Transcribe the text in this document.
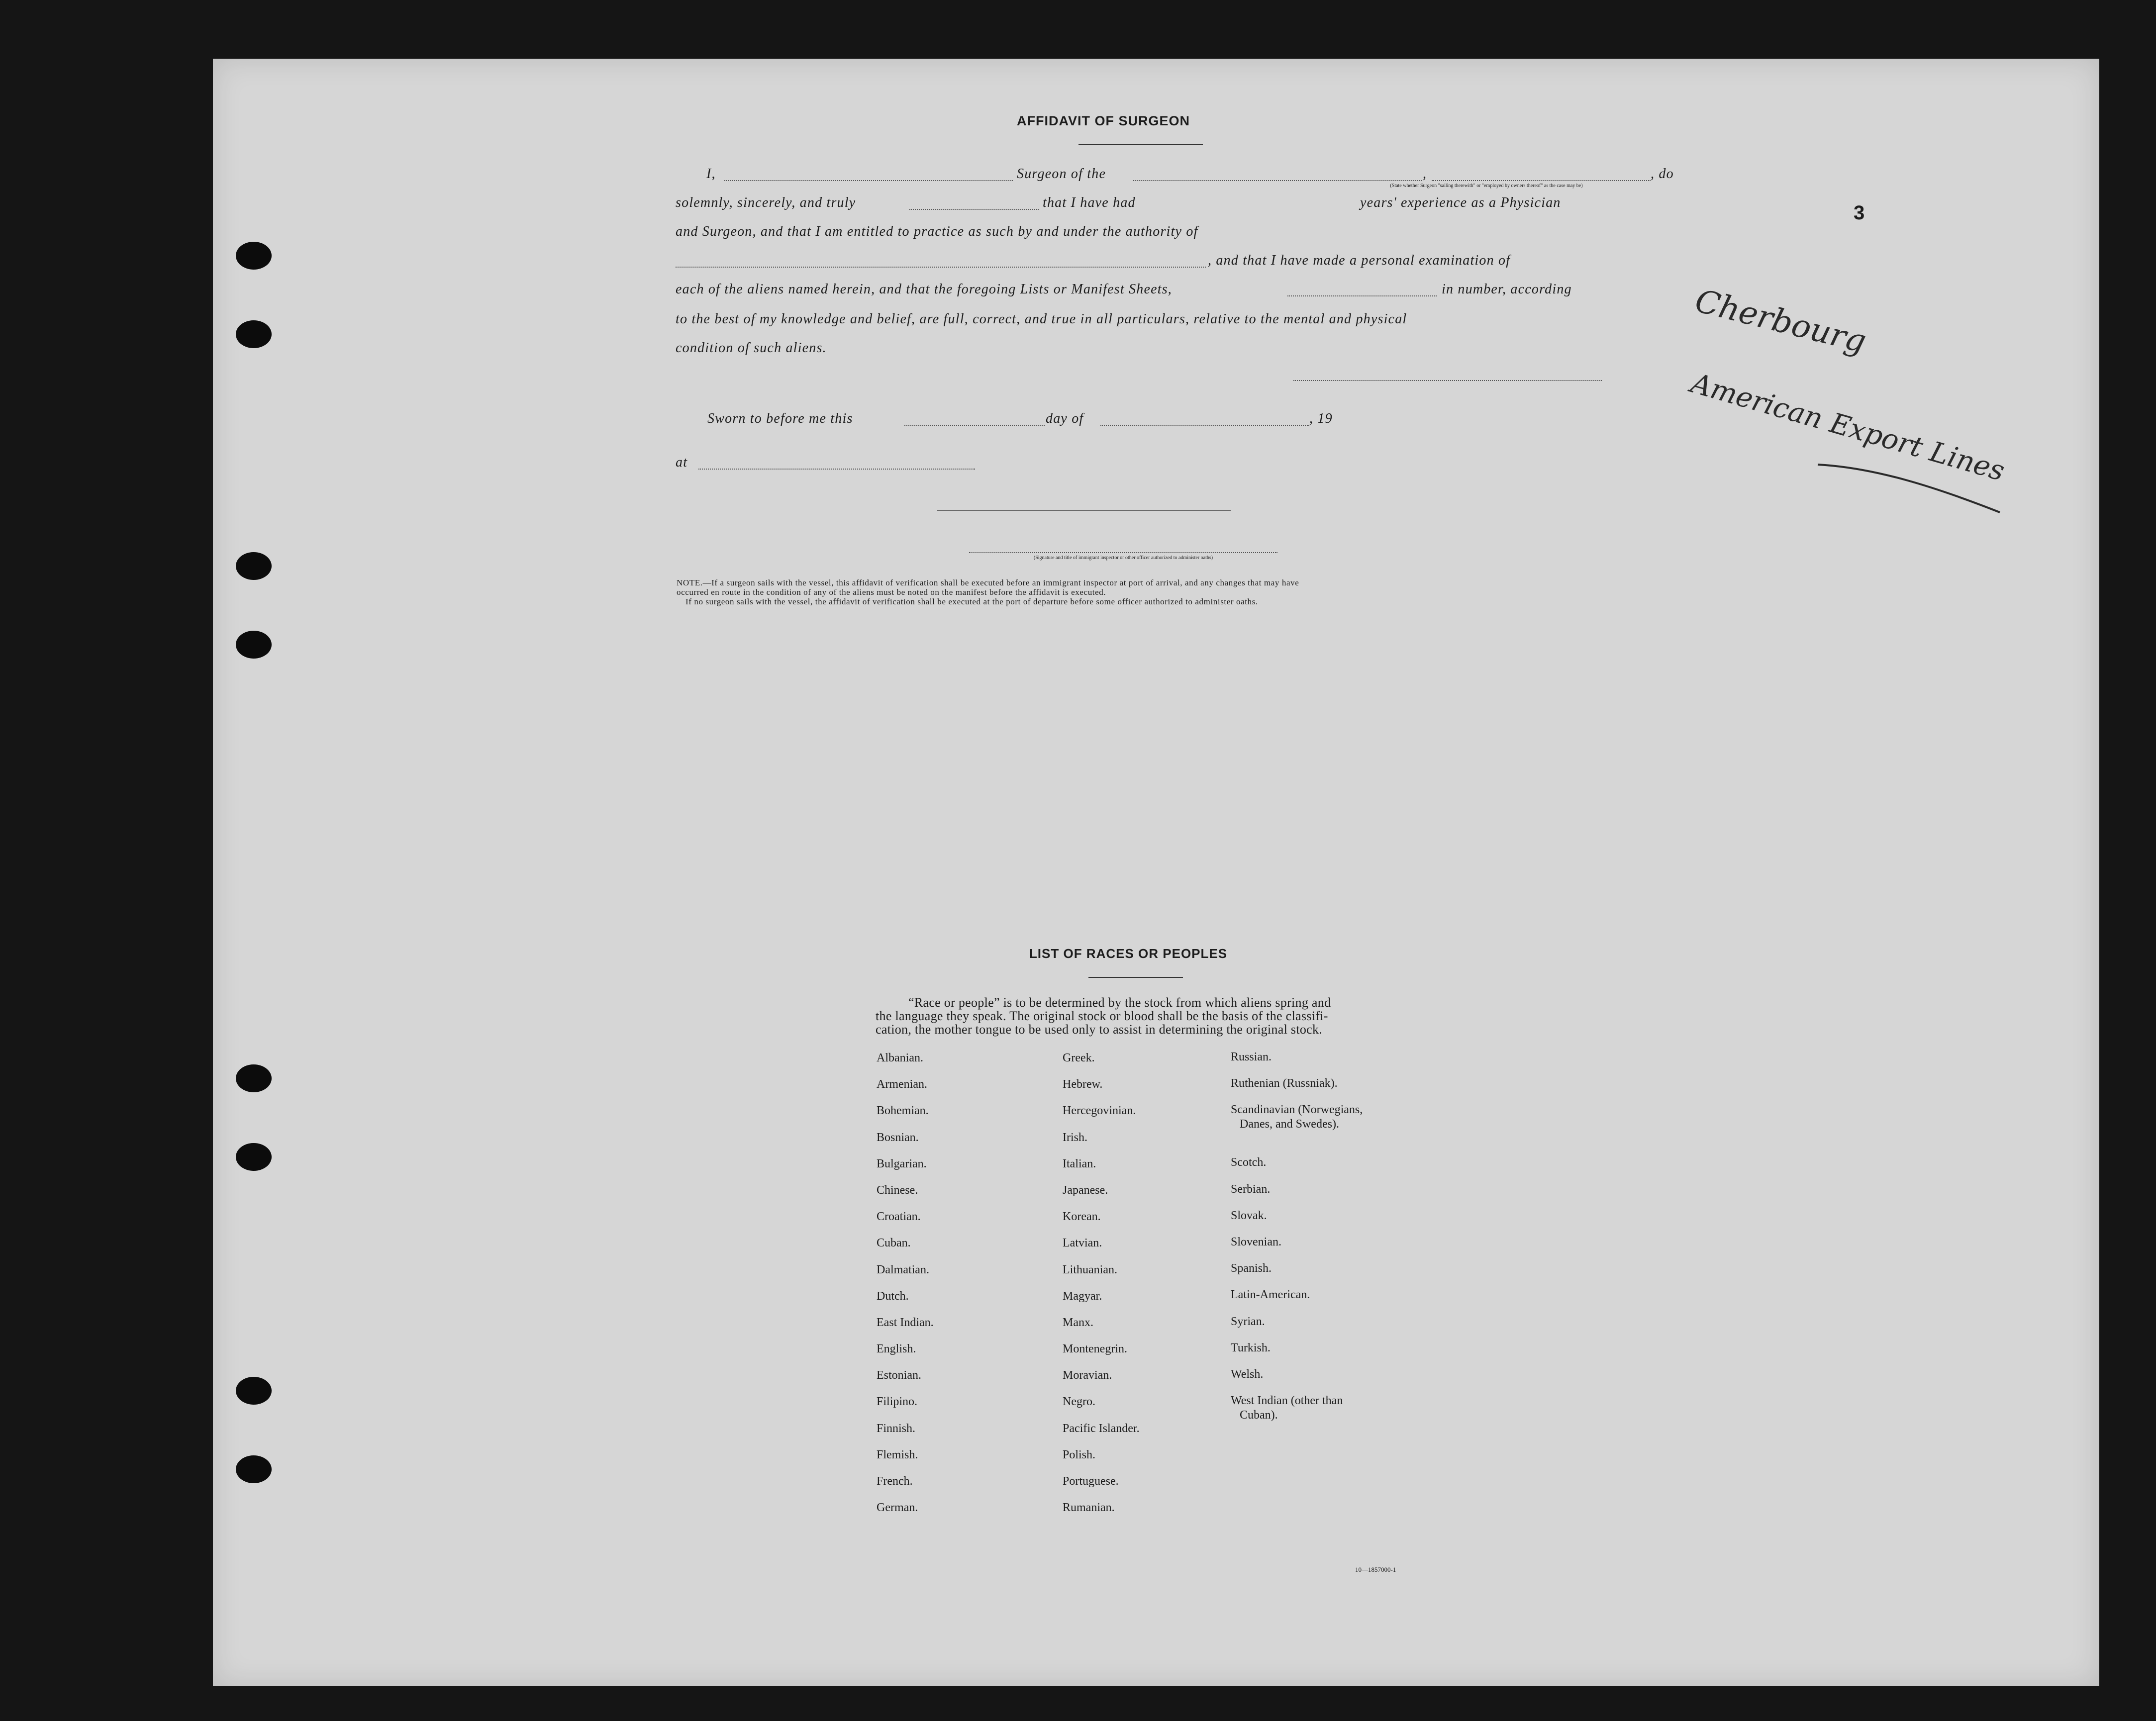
AFFIDAVIT OF SURGEON
I,	Surgeon of the	,	, do
(State whether Surgeon "sailing therewith" or "employed by owners thereof" as the case may be)
solemnly, sincerely, and truly	that I have had	years' experience as a Physician
and Surgeon, and that I am entitled to practice as such by and under the authority of
, and that I have made a personal examination of
each of the aliens named herein, and that the foregoing Lists or Manifest Sheets,	in number, according
to the best of my knowledge and belief, are full, correct, and true in all particulars, relative to the mental and physical
condition of such aliens.
Sworn to before me this	day of	, 19
at
(Signature and title of immigrant inspector or other officer authorized to administer oaths)
NOTE.—If a surgeon sails with the vessel, this affidavit of verification shall be executed before an immigrant inspector at port of arrival, and any changes that may have
occurred en route in the condition of any of the aliens must be noted on the manifest before the affidavit is executed.
If no surgeon sails with the vessel, the affidavit of verification shall be executed at the port of departure before some officer authorized to administer oaths.
3
Cherbourg
American Export Lines
LIST OF RACES OR PEOPLES
“Race or people” is to be determined by the stock from which aliens spring and
the language they speak. The original stock or blood shall be the basis of the classifi-
cation, the mother tongue to be used only to assist in determining the original stock.
Albanian.
Armenian.
Bohemian.
Bosnian.
Bulgarian.
Chinese.
Croatian.
Cuban.
Dalmatian.
Dutch.
East Indian.
English.
Estonian.
Filipino.
Finnish.
Flemish.
French.
German.
Greek.
Hebrew.
Hercegovinian.
Irish.
Italian.
Japanese.
Korean.
Latvian.
Lithuanian.
Magyar.
Manx.
Montenegrin.
Moravian.
Negro.
Pacific Islander.
Polish.
Portuguese.
Rumanian.
Russian.
Ruthenian (Russniak).
Scandinavian (Norwegians,
Danes, and Swedes).
Scotch.
Serbian.
Slovak.
Slovenian.
Spanish.
Latin-American.
Syrian.
Turkish.
Welsh.
West Indian (other than
Cuban).
10—1857000-1
